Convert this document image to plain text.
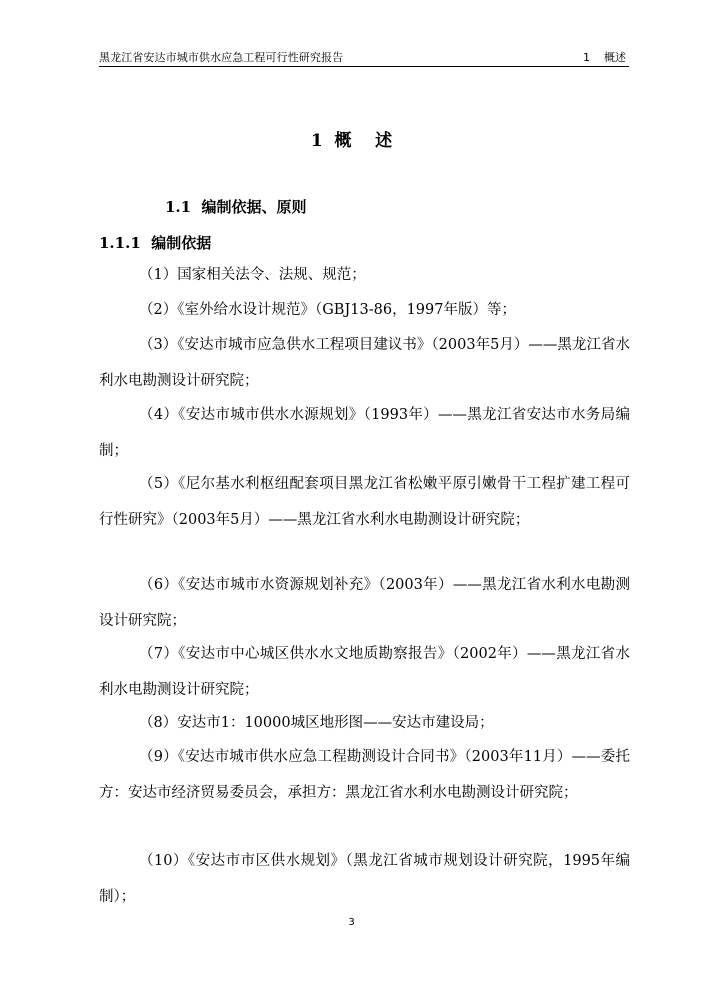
黑龙江省安达市城市供水应急工程可行性研究报告	1    概述
1  概    述
1.1  编制依据、原则
1.1.1  编制依据

（1）国家相关法令、法规、规范；

（2）《室外给水设计规范》（GBJ13-86，1997年版）等；

（3）《安达市城市应急供水工程项目建议书》（2003年5月）——黑龙江省水利水电勘测设计研究院；

（4）《安达市城市供水水源规划》（1993年）——黑龙江省安达市水务局编制；

（5）《尼尔基水利枢纽配套项目黑龙江省松嫩平原引嫩骨干工程扩建工程可行性研究》（2003年5月）——黑龙江省水利水电勘测设计研究院；

（6）《安达市城市水资源规划补充》（2003年）——黑龙江省水利水电勘测设计研究院；

（7）《安达市中心城区供水水文地质勘察报告》（2002年）——黑龙江省水利水电勘测设计研究院；

（8）安达市1：10000城区地形图——安达市建设局；

（9）《安达市城市供水应急工程勘测设计合同书》（2003年11月）——委托方：安达市经济贸易委员会，承担方：黑龙江省水利水电勘测设计研究院；

（10）《安达市市区供水规划》（黑龙江省城市规划设计研究院，1995年编制）；

3
